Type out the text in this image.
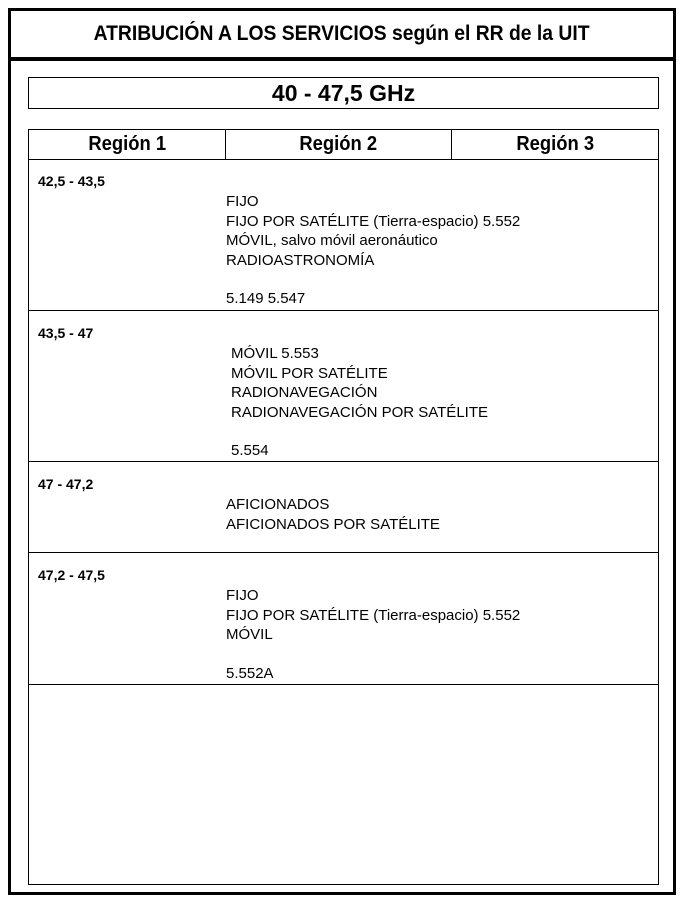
ATRIBUCIÓN A LOS SERVICIOS según el RR de la UIT
40 - 47,5 GHz
Región 1	Región 2	Región 3
42,5 - 43,5
FIJO
FIJO POR SATÉLITE (Tierra-espacio) 5.552
MÓVIL, salvo móvil aeronáutico
RADIOASTRONOMÍA
5.149 5.547
43,5 - 47
MÓVIL 5.553
MÓVIL POR SATÉLITE
RADIONAVEGACIÓN
RADIONAVEGACIÓN POR SATÉLITE
5.554
47 - 47,2
AFICIONADOS
AFICIONADOS POR SATÉLITE
47,2 - 47,5
FIJO
FIJO POR SATÉLITE (Tierra-espacio) 5.552
MÓVIL
5.552A
